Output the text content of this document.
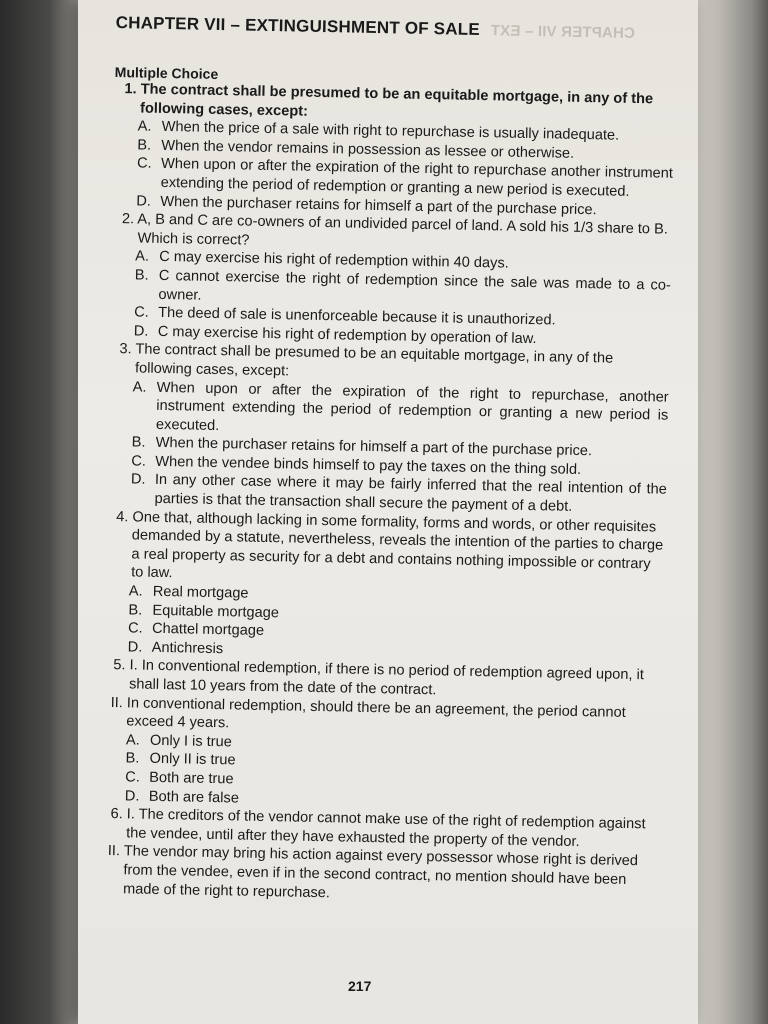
CHAPTER VII – EXTINGUISHMENT OF SALE CHAPTER VII – EXT
Multiple Choice
1. The contract shall be presumed to be an equitable mortgage, in any of the following cases, except:
A. When the price of a sale with right to repurchase is usually inadequate.
B. When the vendor remains in possession as lessee or otherwise.
C. When upon or after the expiration of the right to repurchase another instrument extending the period of redemption or granting a new period is executed.
D. When the purchaser retains for himself a part of the purchase price.
2. A, B and C are co-owners of an undivided parcel of land. A sold his 1/3 share to B. Which is correct?
A. C may exercise his right of redemption within 40 days.
B. C cannot exercise the right of redemption since the sale was made to a co-owner.
C. The deed of sale is unenforceable because it is unauthorized.
D. C may exercise his right of redemption by operation of law.
3. The contract shall be presumed to be an equitable mortgage, in any of the following cases, except:
A. When upon or after the expiration of the right to repurchase, another instrument extending the period of redemption or granting a new period is executed.
B. When the purchaser retains for himself a part of the purchase price.
C. When the vendee binds himself to pay the taxes on the thing sold.
D. In any other case where it may be fairly inferred that the real intention of the parties is that the transaction shall secure the payment of a debt.
4. One that, although lacking in some formality, forms and words, or other requisites demanded by a statute, nevertheless, reveals the intention of the parties to charge a real property as security for a debt and contains nothing impossible or contrary to law.
A. Real mortgage
B. Equitable mortgage
C. Chattel mortgage
D. Antichresis
5. I. In conventional redemption, if there is no period of redemption agreed upon, it shall last 10 years from the date of the contract.
II. In conventional redemption, should there be an agreement, the period cannot exceed 4 years.
A. Only I is true
B. Only II is true
C. Both are true
D. Both are false
6. I. The creditors of the vendor cannot make use of the right of redemption against the vendee, until after they have exhausted the property of the vendor.
II. The vendor may bring his action against every possessor whose right is derived from the vendee, even if in the second contract, no mention should have been made of the right to repurchase.
217
